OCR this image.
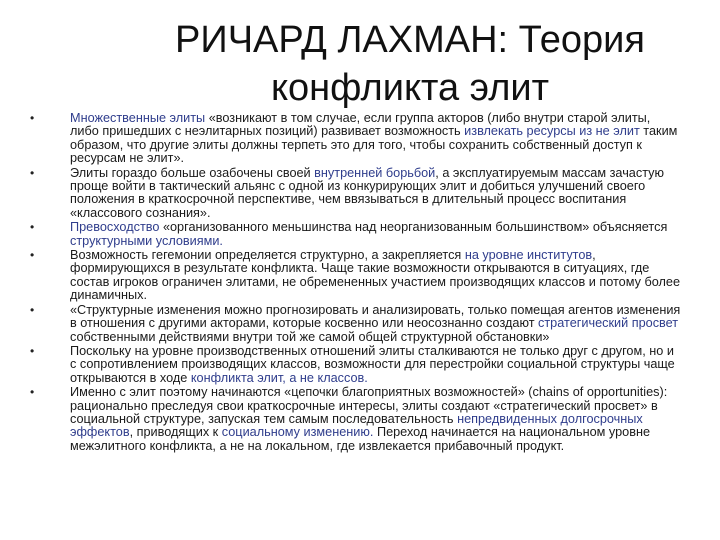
РИЧАРД ЛАХМАН: Теория
конфликта элит
•	Множественные элиты «возникают в том случае, если группа акторов (либо внутри старой элиты, либо пришедших с неэлитарных позиций) развивает возможность извлекать ресурсы из не элит таким образом, что другие элиты должны терпеть это для того, чтобы сохранить собственный доступ к ресурсам не элит».
•	Элиты гораздо больше озабочены своей внутренней борьбой, а эксплуатируемым массам зачастую проще войти в тактический альянс с одной из конкурирующих элит и добиться улучшений своего положения в краткосрочной перспективе, чем ввязываться в длительный процесс воспитания «классового сознания».
•	Превосходство «организованного меньшинства над неорганизованным большинством» объясняется структурными условиями.
•	Возможность гегемонии определяется структурно, а закрепляется на уровне институтов, формирующихся в результате конфликта. Чаще такие возможности открываются в ситуациях, где состав игроков ограничен элитами, не обремененных участием производящих классов и потому более динамичных.
•	«Структурные изменения можно прогнозировать и анализировать, только помещая агентов изменения в отношения с другими акторами, которые косвенно или неосознанно создают стратегический просвет собственными действиями внутри той же самой общей структурной обстановки»
•	Поскольку на уровне производственных отношений элиты сталкиваются не только друг с другом, но и с сопротивлением производящих классов, возможности для перестройки социальной структуры чаще открываются в ходе конфликта элит, а не классов.
•	Именно с элит поэтому начинаются «цепочки благоприятных возможностей» (chains of opportunities): рационально преследуя свои краткосрочные интересы, элиты создают «стратегический просвет» в социальной структуре, запуская тем самым последовательность непредвиденных долгосрочных эффектов, приводящих к социальному изменению. Переход начинается на национальном уровне межэлитного конфликта, а не на локальном, где извлекается прибавочный продукт.
